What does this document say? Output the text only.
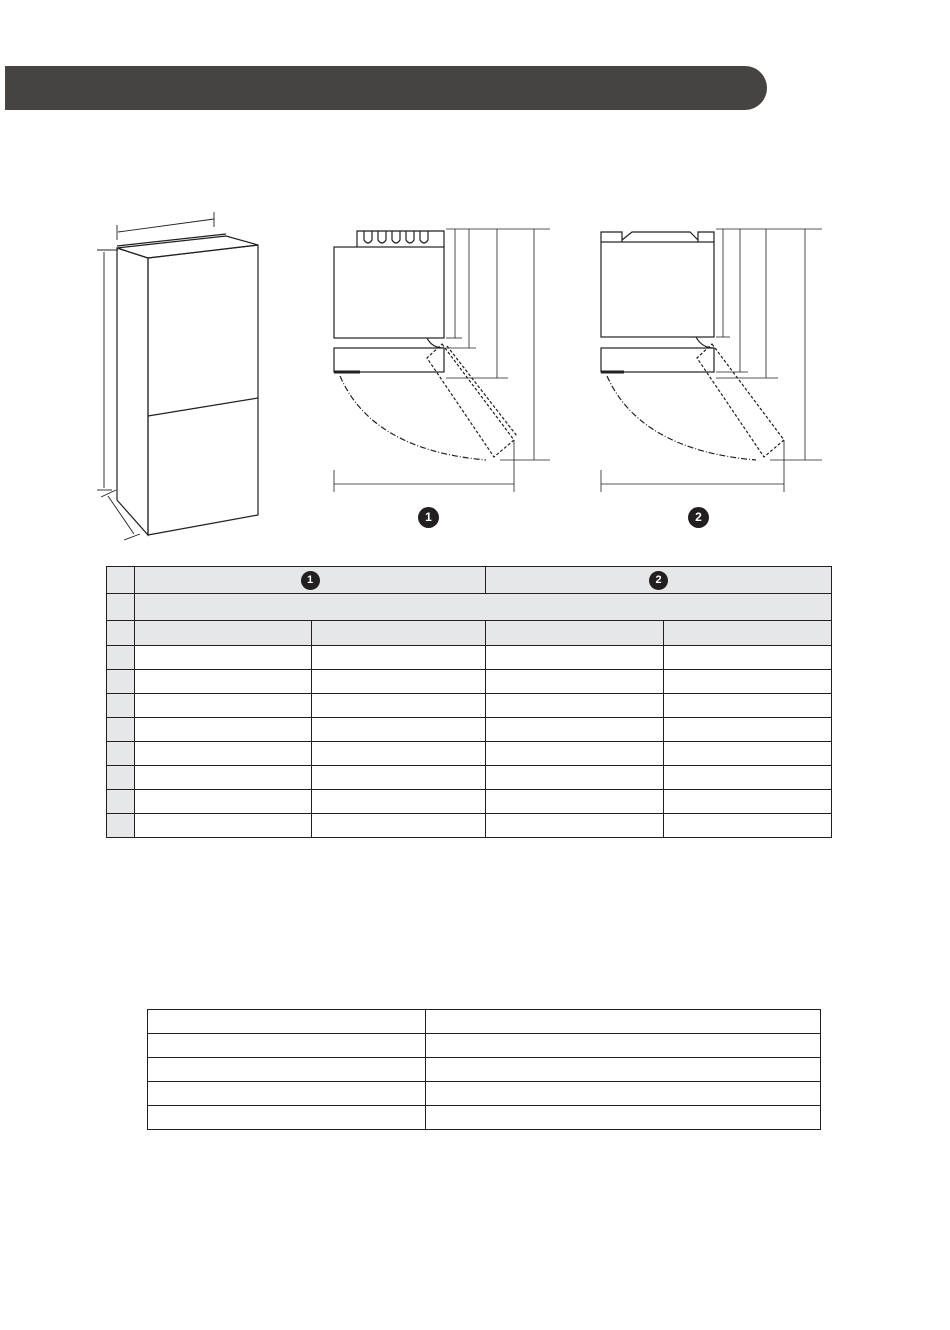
1	2
	1		2	
